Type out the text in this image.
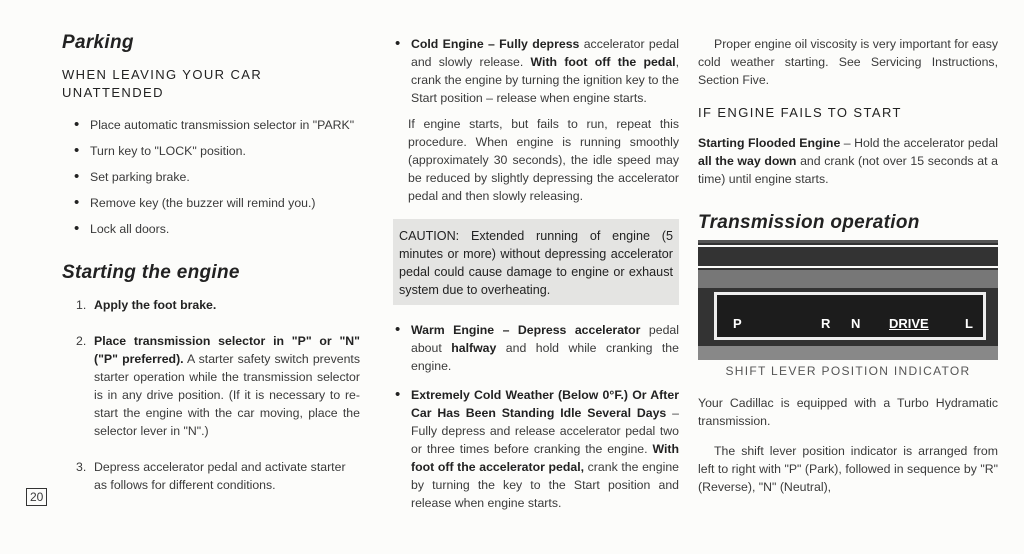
Parking

WHEN LEAVING YOUR CAR UNATTENDED

• Place automatic transmission selector in "PARK"

• Turn key to "LOCK" position.

• Set parking brake.

• Remove key (the buzzer will remind you.)

• Lock all doors.

Starting the engine

1. Apply the foot brake.

2. Place transmission selector in "P" or "N" ("P" preferred). A starter safety switch prevents starter operation while the transmission selector is in any drive position. (If it is necessary to re-start the engine with the car moving, place the selector lever in "N".)

3. Depress accelerator pedal and activate starter as follows for different conditions.

20

• Cold Engine – Fully depress accelerator pedal and slowly release. With foot off the pedal, crank the engine by turning the ignition key to the Start position – release when engine starts.

If engine starts, but fails to run, repeat this procedure. When engine is running smoothly (approximately 30 seconds), the idle speed may be reduced by slightly depressing the accelerator pedal and then slowly releasing.

CAUTION: Extended running of engine (5 minutes or more) without depressing accelerator pedal could cause damage to engine or exhaust system due to overheating.

• Warm Engine – Depress accelerator pedal about halfway and hold while cranking the engine.

• Extremely Cold Weather (Below 0°F.) Or After Car Has Been Standing Idle Several Days – Fully depress and release accelerator pedal two or three times before cranking the engine. With foot off the accelerator pedal, crank the engine by turning the key to the Start position and release when engine starts.

Proper engine oil viscosity is very important for easy cold weather starting. See Servicing Instructions, Section Five.

IF ENGINE FAILS TO START

Starting Flooded Engine – Hold the accelerator pedal all the way down and crank (not over 15 seconds at a time) until engine starts.

Transmission operation

P	R N DRIVE	L

SHIFT LEVER POSITION INDICATOR

Your Cadillac is equipped with a Turbo Hydramatic transmission.

The shift lever position indicator is arranged from left to right with "P" (Park), followed in sequence by "R" (Reverse), "N" (Neutral),
